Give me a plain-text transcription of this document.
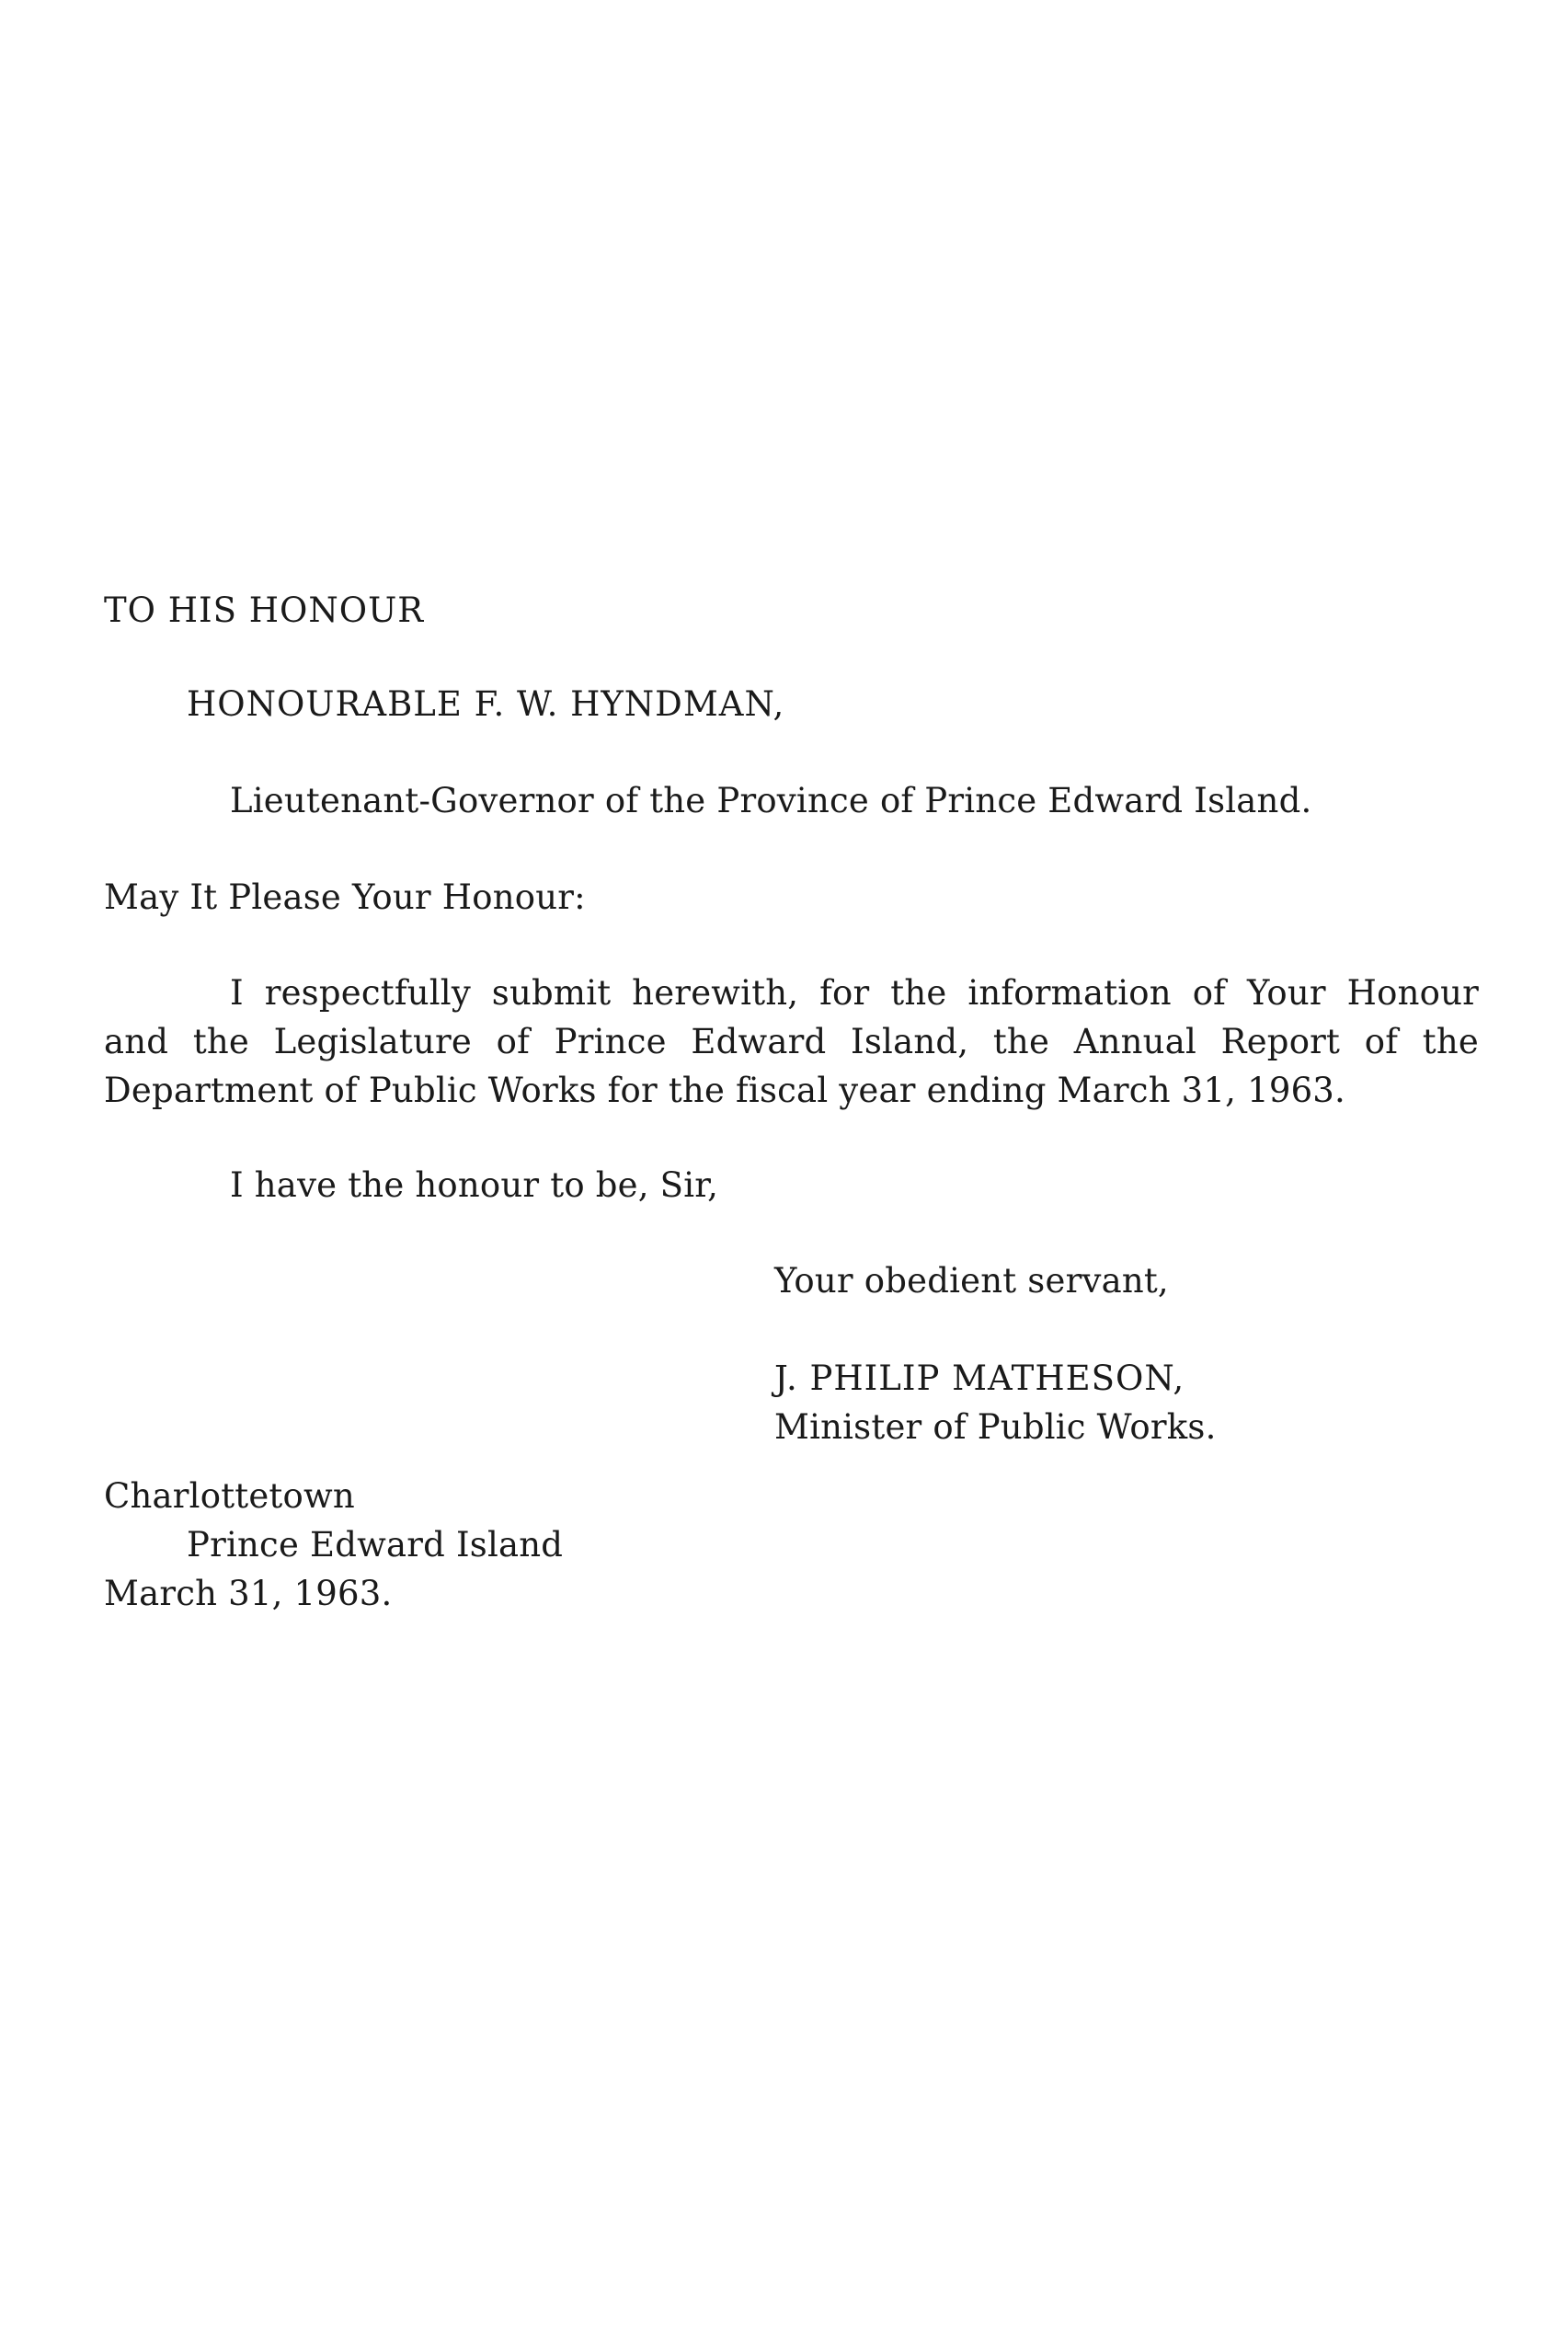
TO HIS HONOUR

HONOURABLE F. W. HYNDMAN,

Lieutenant-Governor of the Province of Prince Edward Island.

May It Please Your Honour:

I respectfully submit herewith, for the information of Your Honour
and the Legislature of Prince Edward Island, the Annual Report of the
Department of Public Works for the fiscal year ending March 31, 1963.

I have the honour to be, Sir,

Your obedient servant,

J. PHILIP MATHESON,
Minister of Public Works.
Charlottetown
Prince Edward Island
March 31, 1963.
